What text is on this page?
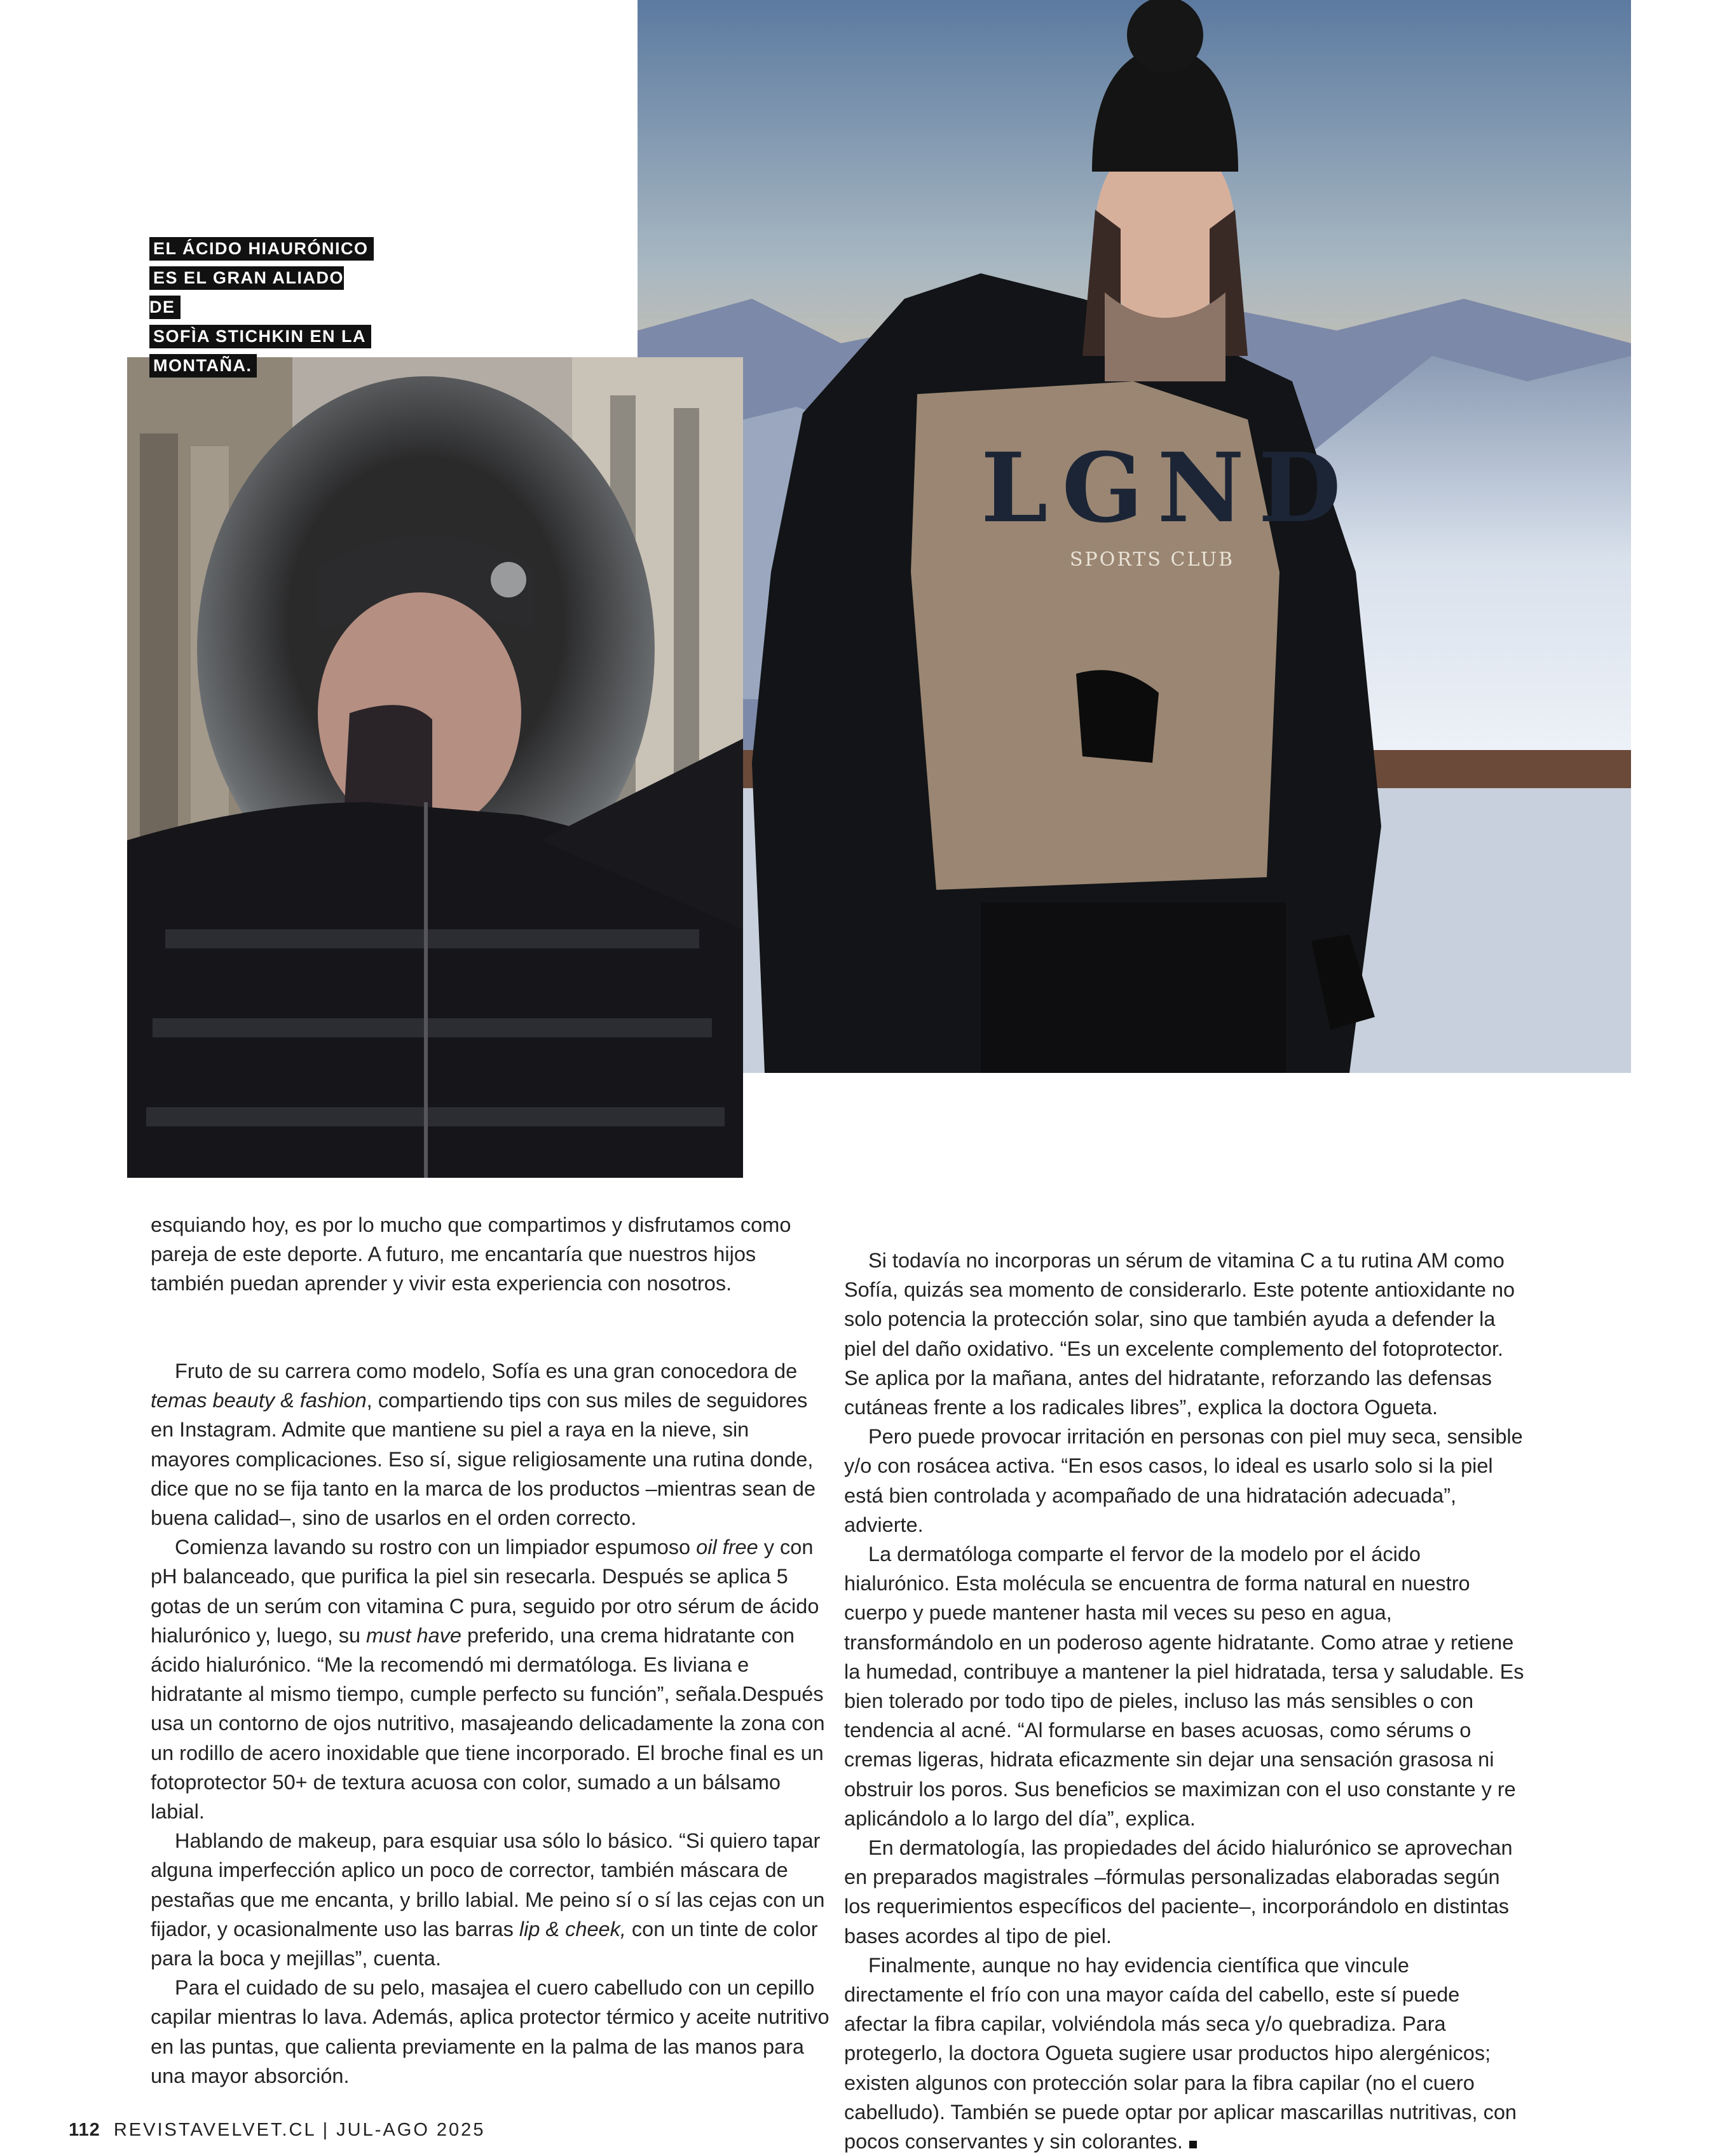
LGND
SPORTS CLUB
EL ÁCIDO HIAURÓNICO
ES EL GRAN ALIADO DE
SOFÌA STICHKIN EN LA
MONTAÑA.

esquiando hoy, es por lo mucho que compartimos y disfrutamos como pareja de este deporte. A futuro, me encantaría que nuestros hijos también puedan aprender y vivir esta experiencia con nosotros.

Fruto de su carrera como modelo, Sofía es una gran conocedora de temas beauty & fashion, compartiendo tips con sus miles de seguidores en Instagram. Admite que mantiene su piel a raya en la nieve, sin mayores complicaciones. Eso sí, sigue religiosamente una rutina donde, dice que no se fija tanto en la marca de los productos –mientras sean de buena calidad–, sino de usarlos en el orden correcto.

Comienza lavando su rostro con un limpiador espumoso oil free y con pH balanceado, que purifica la piel sin resecarla. Después se aplica 5 gotas de un serúm con vitamina C pura, seguido por otro sérum de ácido hialurónico y, luego, su must have preferido, una crema hidratante con ácido hialurónico. “Me la recomendó mi dermatóloga. Es liviana e hidratante al mismo tiempo, cumple perfecto su función”, señala.Después usa un contorno de ojos nutritivo, masajeando delicadamente la zona con un rodillo de acero inoxidable que tiene incorporado. El broche final es un fotoprotector 50+ de textura acuosa con color, sumado a un bálsamo labial.

Hablando de makeup, para esquiar usa sólo lo básico. “Si quiero tapar alguna imperfección aplico un poco de corrector, también máscara de pestañas que me encanta, y brillo labial. Me peino sí o sí las cejas con un fijador, y ocasionalmente uso las barras lip & cheek, con un tinte de color para la boca y mejillas”, cuenta.

Para el cuidado de su pelo, masajea el cuero cabelludo con un cepillo capilar mientras lo lava. Además, aplica protector térmico y aceite nutritivo en las puntas, que calienta previamente en la palma de las manos para una mayor absorción.

Si todavía no incorporas un sérum de vitamina C a tu rutina AM como Sofía, quizás sea momento de considerarlo. Este potente antioxidante no solo potencia la protección solar, sino que también ayuda a defender la piel del daño oxidativo. “Es un excelente complemento del fotoprotector. Se aplica por la mañana, antes del hidratante, reforzando las defensas cutáneas frente a los radicales libres”, explica la doctora Ogueta.

Pero puede provocar irritación en personas con piel muy seca, sensible y/o con rosácea activa. “En esos casos, lo ideal es usarlo solo si la piel está bien controlada y acompañado de una hidratación adecuada”, advierte.

La dermatóloga comparte el fervor de la modelo por el ácido hialurónico. Esta molécula se encuentra de forma natural en nuestro cuerpo y puede mantener hasta mil veces su peso en agua, transformándolo en un poderoso agente hidratante. Como atrae y retiene la humedad, contribuye a mantener la piel hidratada, tersa y saludable. Es bien tolerado por todo tipo de pieles, incluso las más sensibles o con tendencia al acné. “Al formularse en bases acuosas, como sérums o cremas ligeras, hidrata eficazmente sin dejar una sensación grasosa ni obstruir los poros. Sus beneficios se maximizan con el uso constante y re aplicándolo a lo largo del día”, explica.

En dermatología, las propiedades del ácido hialurónico se aprovechan en preparados magistrales –fórmulas personalizadas elaboradas según los requerimientos específicos del paciente–, incorporándolo en distintas bases acordes al tipo de piel.

Finalmente, aunque no hay evidencia científica que vincule directamente el frío con una mayor caída del cabello, este sí puede afectar la fibra capilar, volviéndola más seca y/o quebradiza. Para protegerlo, la doctora Ogueta sugiere usar productos hipo alergénicos; existen algunos con protección solar para la fibra capilar (no el cuero cabelludo). También se puede optar por aplicar mascarillas nutritivas, con pocos conservantes y sin colorantes.

112 REVISTAVELVET.CL | JUL-AGO 2025
